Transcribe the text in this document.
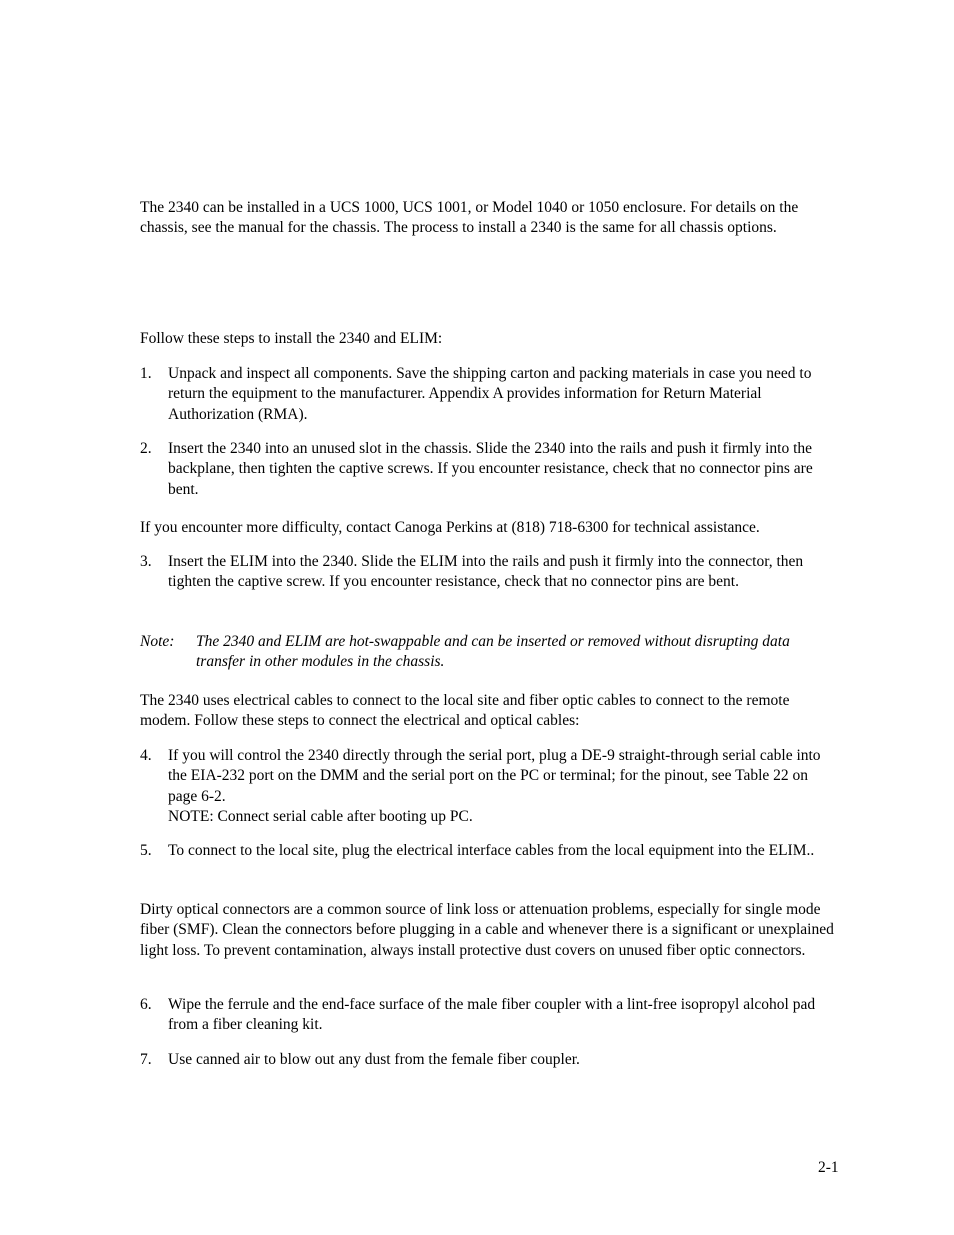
The 2340 can be installed in a UCS 1000, UCS 1001, or Model 1040 or 1050 enclosure. For details on the chassis, see the manual for the chassis. The process to install a 2340 is the same for all chassis options.

Follow these steps to install the 2340 and ELIM:

1.	Unpack and inspect all components. Save the shipping carton and packing materials in case you need to return the equipment to the manufacturer. Appendix A provides information for Return Material Authorization (RMA).
2.	Insert the 2340 into an unused slot in the chassis. Slide the 2340 into the rails and push it firmly into the backplane, then tighten the captive screws. If you encounter resistance, check that no connector pins are bent.

If you encounter more difficulty, contact Canoga Perkins at (818) 718-6300 for technical assistance.

3.	Insert the ELIM into the 2340. Slide the ELIM into the rails and push it firmly into the connector, then tighten the captive screw. If you encounter resistance, check that no connector pins are bent.
Note:	The 2340 and ELIM are hot-swappable and can be inserted or removed without disrupting data transfer in other modules in the chassis.

The 2340 uses electrical cables to connect to the local site and fiber optic cables to connect to the remote modem. Follow these steps to connect the electrical and optical cables:

4.	If you will control the 2340 directly through the serial port, plug a DE-9 straight-through serial cable into the EIA-232 port on the DMM and the serial port on the PC or terminal; for the pinout, see Table 22 on page 6-2.
NOTE: Connect serial cable after booting up PC.
5.	To connect to the local site, plug the electrical interface cables from the local equipment into the ELIM..

Dirty optical connectors are a common source of link loss or attenuation problems, especially for single mode fiber (SMF). Clean the connectors before plugging in a cable and whenever there is a significant or unexplained light loss. To prevent contamination, always install protective dust covers on unused fiber optic connectors.

6.	Wipe the ferrule and the end-face surface of the male fiber coupler with a lint-free isopropyl alcohol pad from a fiber cleaning kit.
7.	Use canned air to blow out any dust from the female fiber coupler.
2-1
